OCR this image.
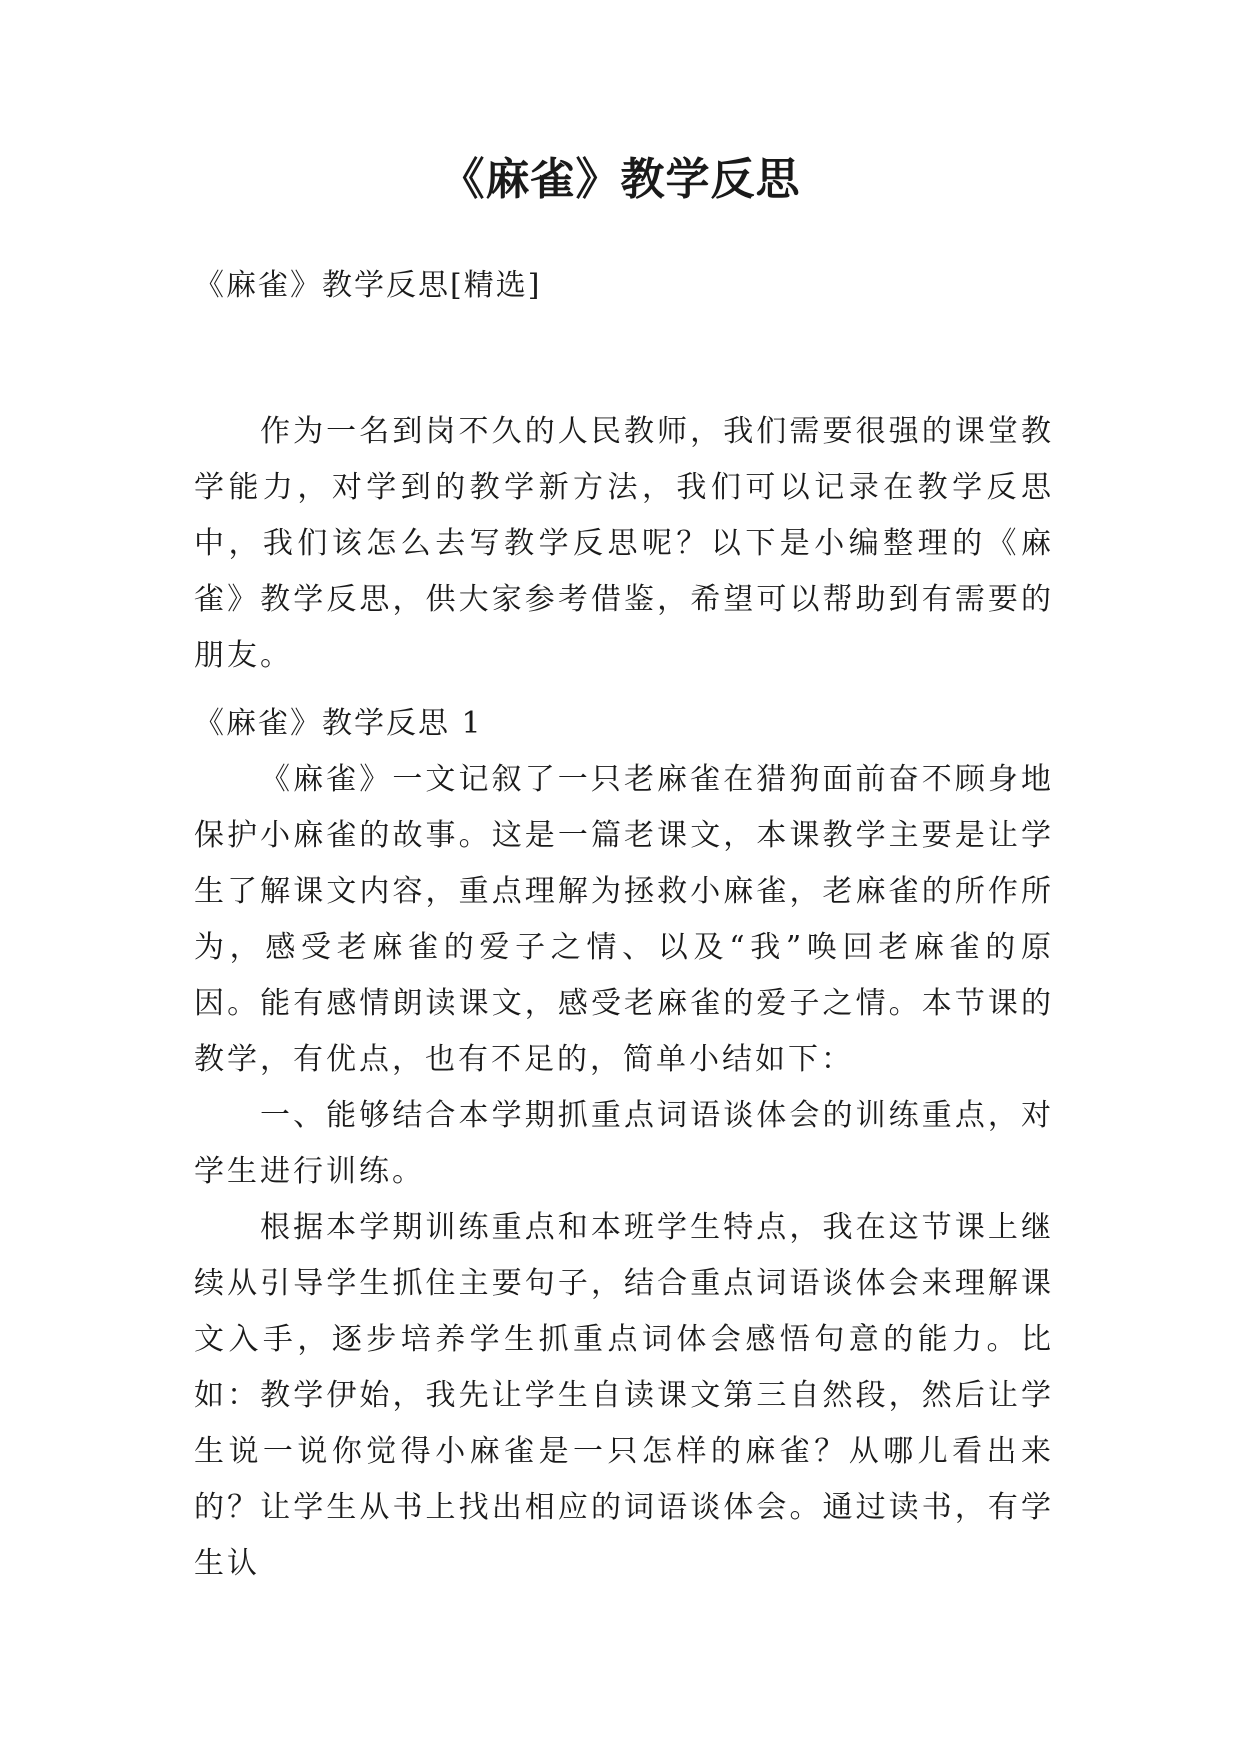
《麻雀》教学反思

《麻雀》教学反思[精选]

作为一名到岗不久的人民教师，我们需要很强的课堂教学能力，对学到的教学新方法，我们可以记录在教学反思中，我们该怎么去写教学反思呢？以下是小编整理的《麻雀》教学反思，供大家参考借鉴，希望可以帮助到有需要的朋友。

《麻雀》教学反思 1

《麻雀》一文记叙了一只老麻雀在猎狗面前奋不顾身地保护小麻雀的故事。这是一篇老课文，本课教学主要是让学生了解课文内容，重点理解为拯救小麻雀，老麻雀的所作所为，感受老麻雀的爱子之情、以及“我”唤回老麻雀的原因。能有感情朗读课文，感受老麻雀的爱子之情。本节课的教学，有优点，也有不足的，简单小结如下：

一、能够结合本学期抓重点词语谈体会的训练重点，对学生进行训练。

根据本学期训练重点和本班学生特点，我在这节课上继续从引导学生抓住主要句子，结合重点词语谈体会来理解课文入手，逐步培养学生抓重点词体会感悟句意的能力。比如：教学伊始，我先让学生自读课文第三自然段，然后让学生说一说你觉得小麻雀是一只怎样的麻雀？从哪儿看出来的？让学生从书上找出相应的词语谈体会。通过读书，有学生认
